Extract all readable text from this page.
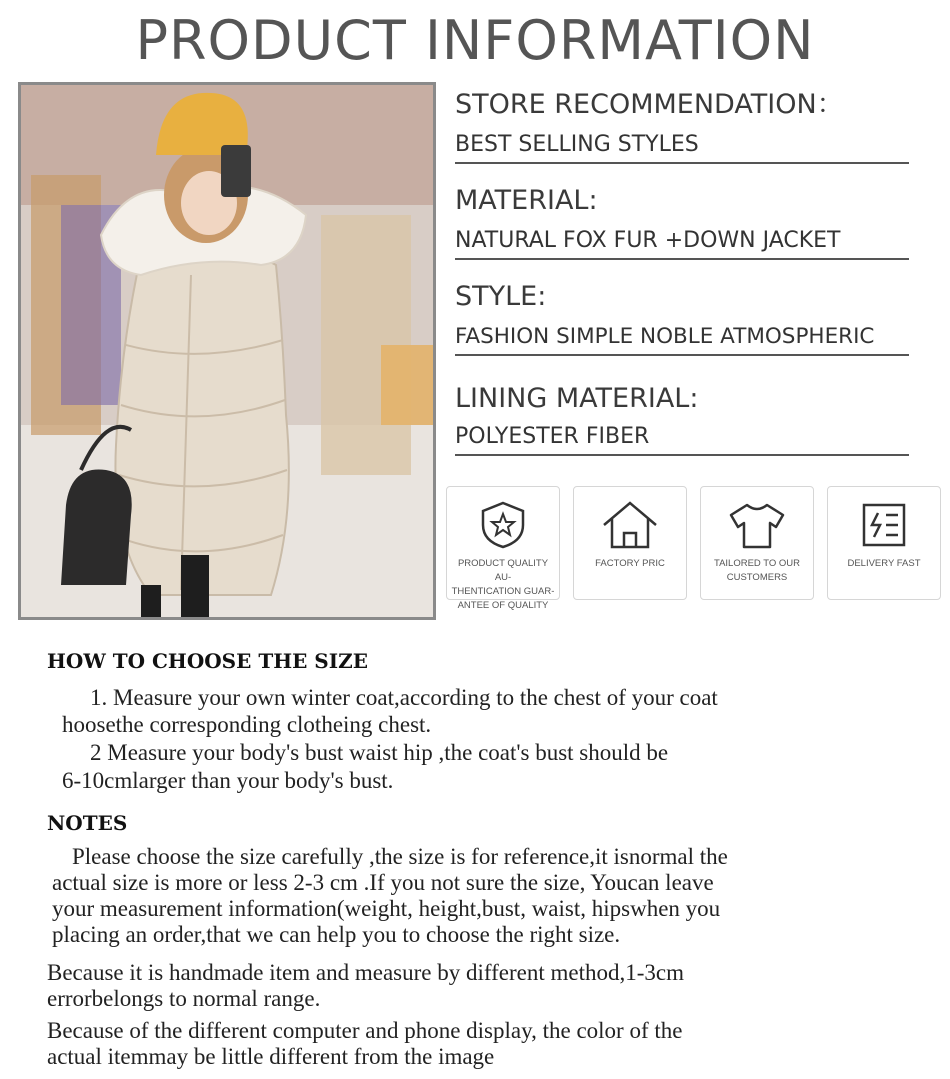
PRODUCT INFORMATION
STORE RECOMMENDATION：
BEST SELLING STYLES
MATERIAL:
NATURAL FOX FUR +DOWN JACKET
STYLE:
FASHION SIMPLE NOBLE ATMOSPHERIC
LINING MATERIAL:
POLYESTER FIBER
PRODUCT QUALITY AU-
THENTICATION GUAR-
ANTEE OF QUALITY
FACTORY PRIC	TAILORED TO OUR
CUSTOMERS
DELIVERY FAST
HOW TO CHOOSE THE SIZE
1. Measure your own winter coat,according to the chest of your coat
hoosethe corresponding clotheing chest.
2 Measure your body's bust waist hip ,the coat's bust should be
6-10cmlarger than your body's bust.
NOTES
Please choose the size carefully ,the size is for reference,it isnormal the
actual size is more or less 2-3 cm .If you not sure the size, Youcan leave
your measurement information(weight, height,bust, waist, hipswhen you
placing an order,that we can help you to choose the right size.
Because it is handmade item and measure by different method,1-3cm
errorbelongs to normal range.
Because of the different computer and phone display, the color of the
actual itemmay be little different from the image
